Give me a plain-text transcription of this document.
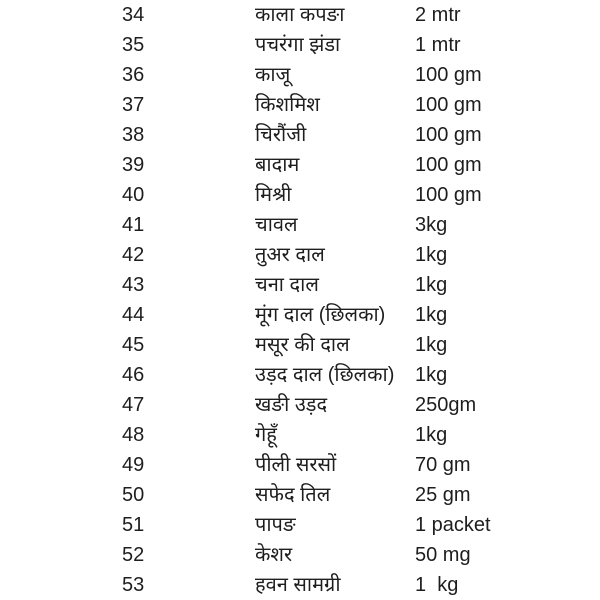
34	काला कपङा	2 mtr
35	पचरंगा झंडा	1 mtr
36	काजू	100 gm
37	किशमिश	100 gm
38	चिरौंजी	100 gm
39	बादाम	100 gm
40	मिश्री	100 gm
41	चावल	3kg
42	तुअर दाल	1kg
43	चना दाल	1kg
44	मूंग दाल (छिलका) 1kg
45	मसूर की दाल	1kg
46	उड़द दाल (छिलका) 1kg
47	खङी उड़द	250gm
48	गेहूँ	1kg
49	पीली सरसों	70 gm
50	सफेद तिल	25 gm
51	पापङ	1 packet
52	केशर	50 mg
53	हवन सामग्री	1  kg
